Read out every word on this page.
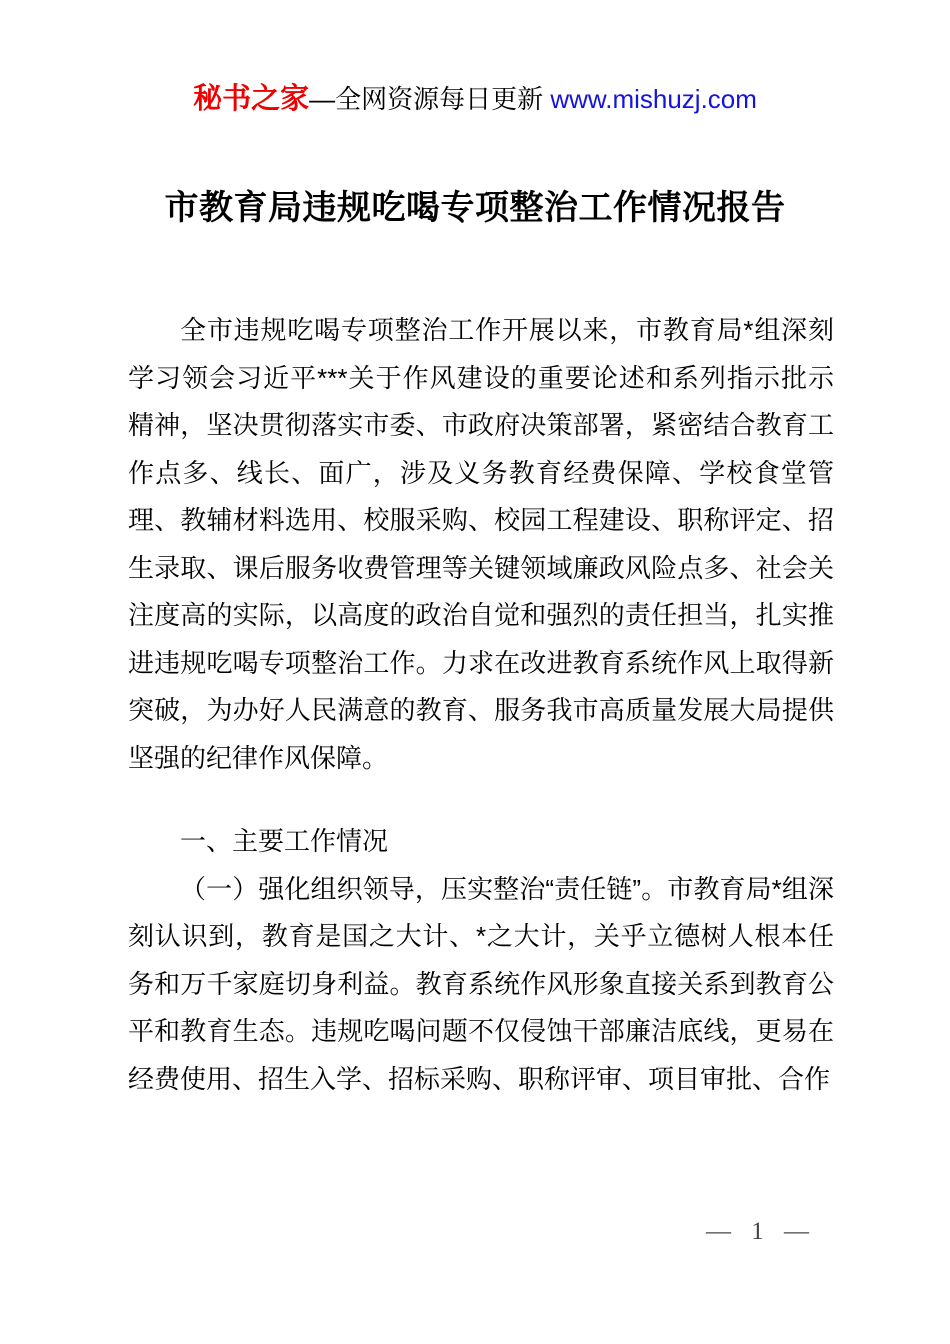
秘书之家—全网资源每日更新 www.mishuzj.com
市教育局违规吃喝专项整治工作情况报告

全市违规吃喝专项整治工作开展以来，市教育局*组深刻学习领会习近平***关于作风建设的重要论述和系列指示批示精神，坚决贯彻落实市委、市政府决策部署，紧密结合教育工作点多、线长、面广，涉及义务教育经费保障、学校食堂管理、教辅材料选用、校服采购、校园工程建设、职称评定、招生录取、课后服务收费管理等关键领域廉政风险点多、社会关注度高的实际，以高度的政治自觉和强烈的责任担当，扎实推进违规吃喝专项整治工作。力求在改进教育系统作风上取得新突破，为办好人民满意的教育、服务我市高质量发展大局提供坚强的纪律作风保障。

一、主要工作情况

（一）强化组织领导，压实整治“责任链”。市教育局*组深刻认识到，教育是国之大计、*之大计，关乎立德树人根本任务和万千家庭切身利益。教育系统作风形象直接关系到教育公平和教育生态。违规吃喝问题不仅侵蚀干部廉洁底线，更易在经费使用、招生入学、招标采购、职称评审、项目审批、合作

— 1 —
